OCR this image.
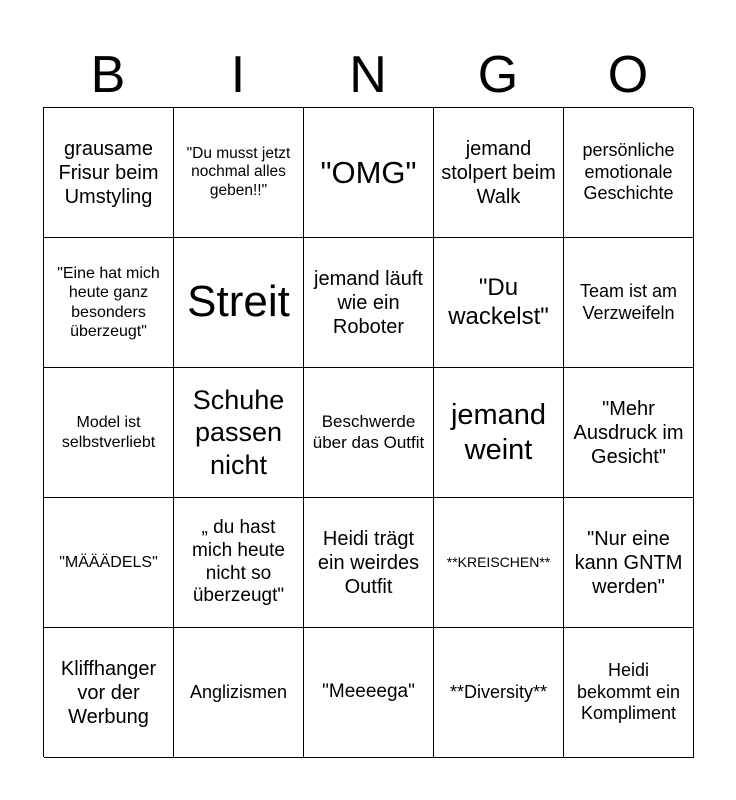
B	I	N	G	O
grausame Frisur beim Umstyling
"Du musst jetzt nochmal alles geben!!"
"OMG"
jemand stolpert beim Walk
persönliche emotionale Geschichte
"Eine hat mich heute ganz besonders überzeugt"
Streit jemand läuft wie ein Roboter
"Du wackelst"
Team ist am Verzweifeln
Model ist selbstverliebt
Schuhe passen nicht
Beschwerde über das Outfit
jemand weint
"Mehr Ausdruck im Gesicht"
"MÄÄÄDELS"
„ du hast mich heute nicht so überzeugt"
Heidi trägt ein weirdes Outfit
**KREISCHEN**
"Nur eine kann GNTM werden"
Kliffhanger vor der Werbung
Anglizismen "Meeeega" **Diversity**
Heidi bekommt ein Kompliment
